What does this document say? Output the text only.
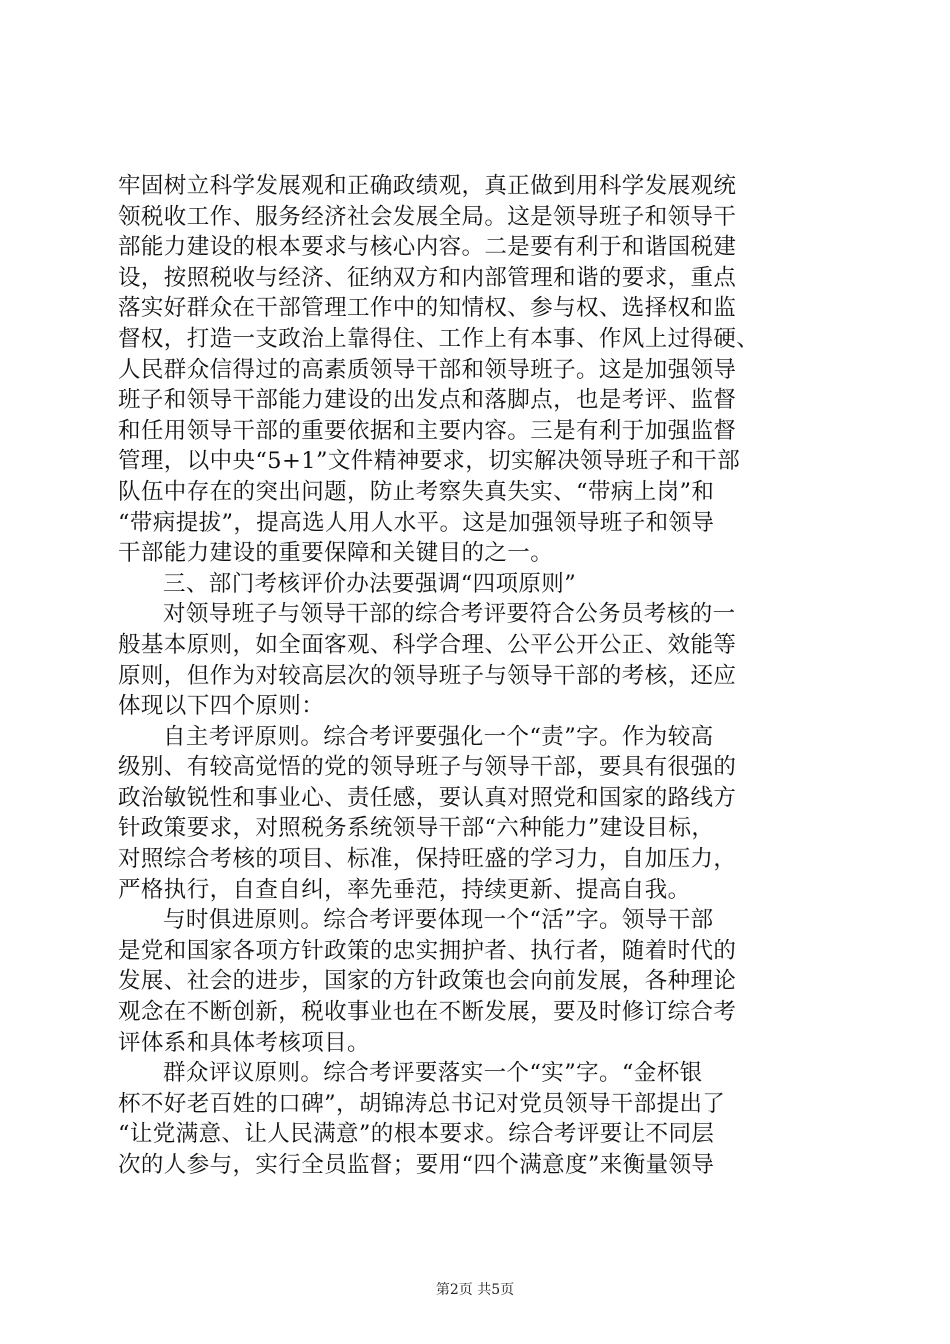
牢固树立科学发展观和正确政绩观，真正做到用科学发展观统
领税收工作、服务经济社会发展全局。这是领导班子和领导干
部能力建设的根本要求与核心内容。二是要有利于和谐国税建
设，按照税收与经济、征纳双方和内部管理和谐的要求，重点
落实好群众在干部管理工作中的知情权、参与权、选择权和监
督权，打造一支政治上靠得住、工作上有本事、作风上过得硬、
人民群众信得过的高素质领导干部和领导班子。这是加强领导
班子和领导干部能力建设的出发点和落脚点，也是考评、监督
和任用领导干部的重要依据和主要内容。三是有利于加强监督
管理，以中央“5+1”文件精神要求，切实解决领导班子和干部
队伍中存在的突出问题，防止考察失真失实、“带病上岗”和
“带病提拔”，提高选人用人水平。这是加强领导班子和领导
干部能力建设的重要保障和关键目的之一。
三、部门考核评价办法要强调“四项原则”
对领导班子与领导干部的综合考评要符合公务员考核的一
般基本原则，如全面客观、科学合理、公平公开公正、效能等
原则，但作为对较高层次的领导班子与领导干部的考核，还应
体现以下四个原则：
自主考评原则。综合考评要强化一个“责”字。作为较高
级别、有较高觉悟的党的领导班子与领导干部，要具有很强的
政治敏锐性和事业心、责任感，要认真对照党和国家的路线方
针政策要求，对照税务系统领导干部“六种能力”建设目标，
对照综合考核的项目、标准，保持旺盛的学习力，自加压力，
严格执行，自查自纠，率先垂范，持续更新、提高自我。
与时俱进原则。综合考评要体现一个“活”字。领导干部
是党和国家各项方针政策的忠实拥护者、执行者，随着时代的
发展、社会的进步，国家的方针政策也会向前发展，各种理论
观念在不断创新，税收事业也在不断发展，要及时修订综合考
评体系和具体考核项目。
群众评议原则。综合考评要落实一个“实”字。“金杯银
杯不好老百姓的口碑”，胡锦涛总书记对党员领导干部提出了
“让党满意、让人民满意”的根本要求。综合考评要让不同层
次的人参与，实行全员监督；要用“四个满意度”来衡量领导
第2页 共5页
